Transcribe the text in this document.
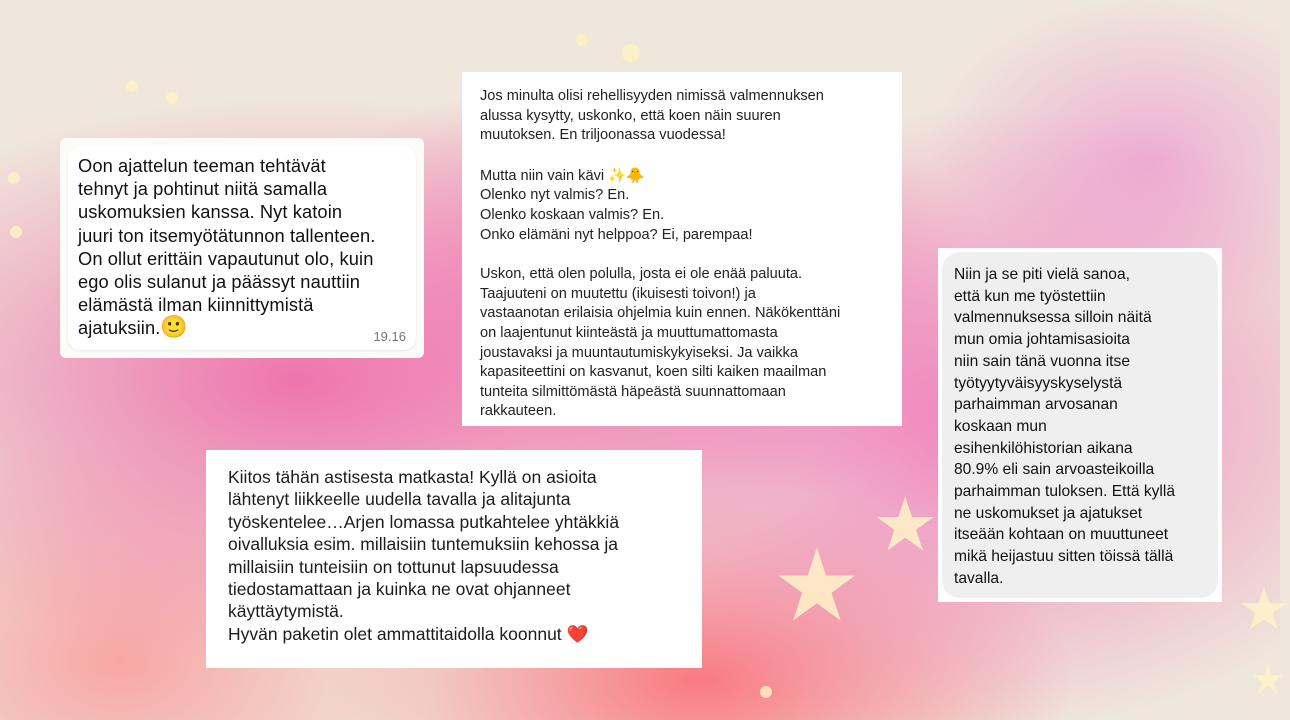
★
★	★
★
Oon ajattelun teeman tehtävät
tehnyt ja pohtinut niitä samalla
uskomuksien kanssa. Nyt katoin
juuri ton itsemyötätunnon tallenteen.
On ollut erittäin vapautunut olo, kuin
ego olis sulanut ja päässyt nauttiin
elämästä ilman kiinnittymistä
ajatuksiin.🙂	19.16

Jos minulta olisi rehellisyyden nimissä valmennuksen
alussa kysytty, uskonko, että koen näin suuren
muutoksen. En triljoonassa vuodessa!

Mutta niin vain kävi ✨🐥
Olenko nyt valmis? En.
Olenko koskaan valmis? En.
Onko elämäni nyt helppoa? Ei, parempaa!

Uskon, että olen polulla, josta ei ole enää paluuta.
Taajuuteni on muutettu (ikuisesti toivon!) ja
vastaanotan erilaisia ohjelmia kuin ennen. Näkökenttäni
on laajentunut kiinteästä ja muuttumattomasta
joustavaksi ja muuntautumiskykyiseksi. Ja vaikka
kapasiteettini on kasvanut, koen silti kaiken maailman
tunteita silmittömästä häpeästä suunnattomaan
rakkauteen.

Kiitos tähän astisesta matkasta! Kyllä on asioita
lähtenyt liikkeelle uudella tavalla ja alitajunta
työskentelee…Arjen lomassa putkahtelee yhtäkkiä
oivalluksia esim. millaisiin tuntemuksiin kehossa ja
millaisiin tunteisiin on tottunut lapsuudessa
tiedostamattaan ja kuinka ne ovat ohjanneet
käyttäytymistä.
Hyvän paketin olet ammattitaidolla koonnut ❤️

Niin ja se piti vielä sanoa,
että kun me työstettiin
valmennuksessa silloin näitä
mun omia johtamisasioita
niin sain tänä vuonna itse
työtyytyväisyyskyselystä
parhaimman arvosanan
koskaan mun
esihenkilöhistorian aikana
80.9% eli sain arvoasteikoilla
parhaimman tuloksen. Että kyllä
ne uskomukset ja ajatukset
itseään kohtaan on muuttuneet
mikä heijastuu sitten töissä tällä
tavalla.
